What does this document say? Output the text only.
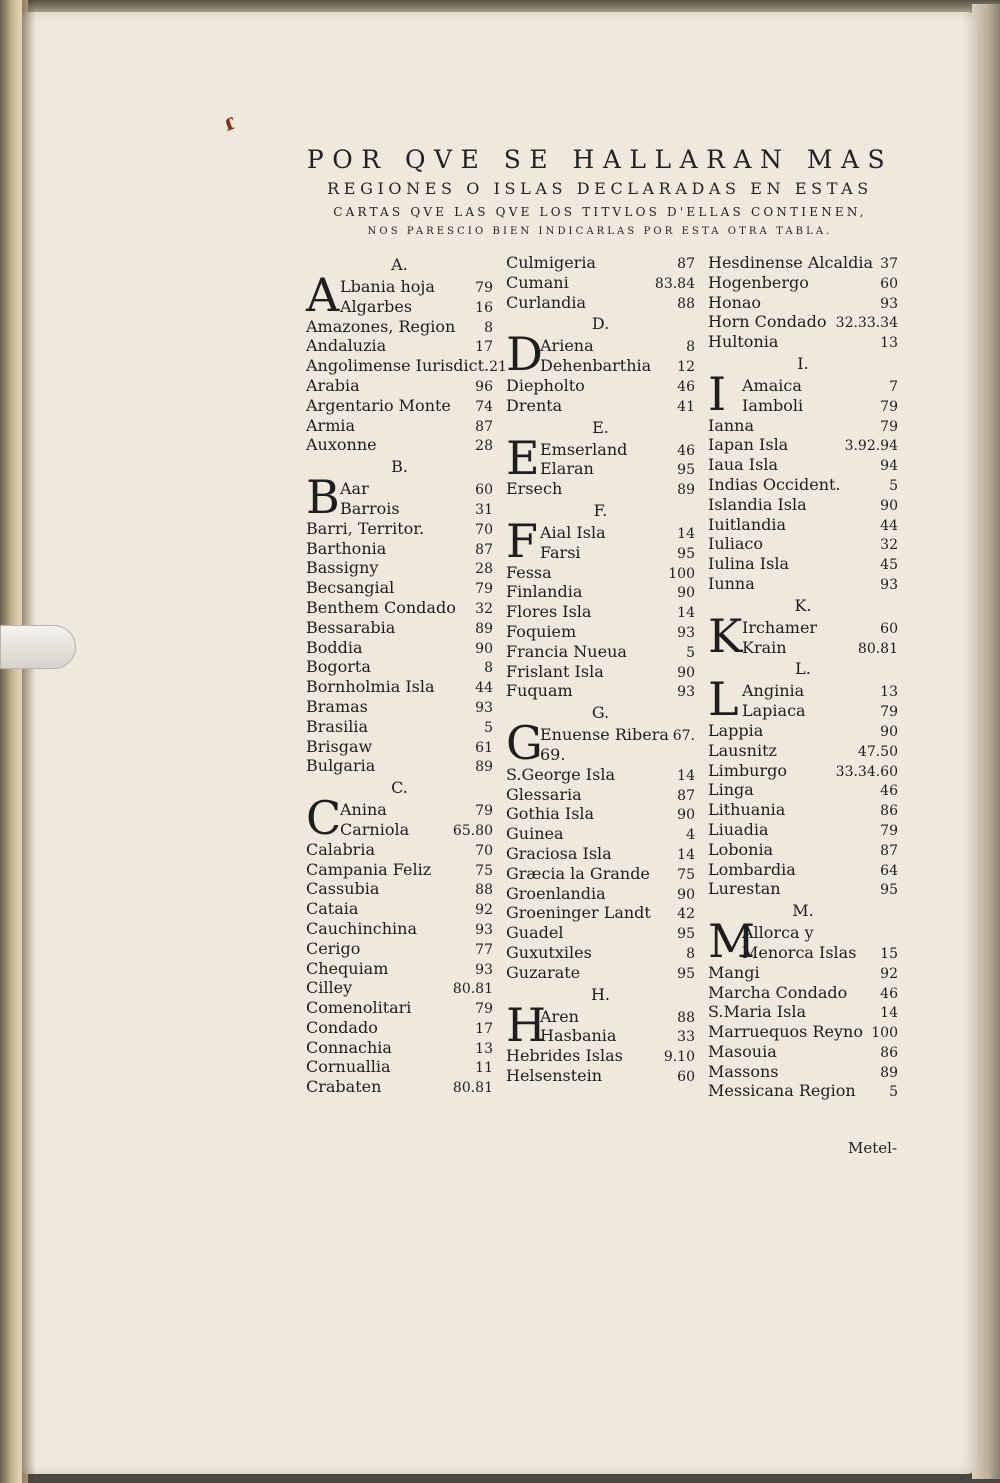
ɾ
POR QVE SE HALLARAN MAS
REGIONES O ISLAS DECLARADAS EN ESTAS
CARTAS QVE LAS QVE LOS TITVLOS D'ELLAS CONTIENEN,
NOS PARESCIO BIEN INDICARLAS POR ESTA OTRA TABLA.
A.
A Lbania hoja	79
Algarbes	16
Amazones, Region 8
Andaluzia	17
Angolimense Iurisdict. 21
Arabia	96
Argentario Monte 74
Armia	87
Auxonne	28
B.
B Aar	60
Barrois	31
Barri, Territor.	70
Barthonia	87
Bassigny	28
Becsangial	79
Benthem Condado 32
Bessarabia	89
Boddia	90
Bogorta	8
Bornholmia Isla	44
Bramas	93
Brasilia	5
Brisgaw	61
Bulgaria	89
C.
C
Anina	79
Carniola	65.80
Calabria	70
Campania Feliz	75
Cassubia	88
Cataia	92
Cauchinchina	93
Cerigo	77
Chequiam	93
Cilley	80.81
Comenolitari	79
Condado	17
Connachia	13
Cornuallia	11
Crabaten	80.81
Culmigeria	87
Cumani	83.84
Curlandia	88
D.
D
Ariena	8
Dehenbarthia 12
Diepholto	46
Drenta	41
E.
E Emserland	46
Elaran	95
Ersech	89
F.
F Aial Isla	14
Farsi	95
Fessa	100
Finlandia	90
Flores Isla	14
Foquiem	93
Francia Nueua	5
Frislant Isla	90
Fuquam	93
G.
G
Enuense Ribera 67.
69.
S.George Isla	14
Glessaria	87
Gothia Isla	90
Guinea	4
Graciosa Isla	14
Græcia la Grande 75
Groenlandia	90
Groeninger Landt 42
Guadel	95
Guxutxiles	8
Guzarate	95
H.
H
Aren	88
Hasbania	33
Hebrides Islas	9.10
Helsenstein	60
Hesdinense Alcaldia 37
Hogenbergo	60
Honao	93
Horn Condado 32.33.34
Hultonia	13
I.
I Amaica	7
Iamboli	79
Ianna	79
Iapan Isla	3.92.94
Iaua Isla	94
Indias Occident.	5
Islandia Isla	90
Iuitlandia	44
Iuliaco	32
Iulina Isla	45
Iunna	93
K.
K Irchamer	60
Krain	80.81
L.
L Anginia	13
Lapiaca	79
Lappia	90
Lausnitz	47.50
Limburgo	33.34.60
Linga	46
Lithuania	86
Liuadia	79
Lobonia	87
Lombardia	64
Lurestan	95
M.
M
Allorca y
Menorca Islas 15
Mangi	92
Marcha Condado 46
S.Maria Isla	14
Marruequos Reyno 100
Masouia	86
Massons	89
Messicana Region 5
Metel-
